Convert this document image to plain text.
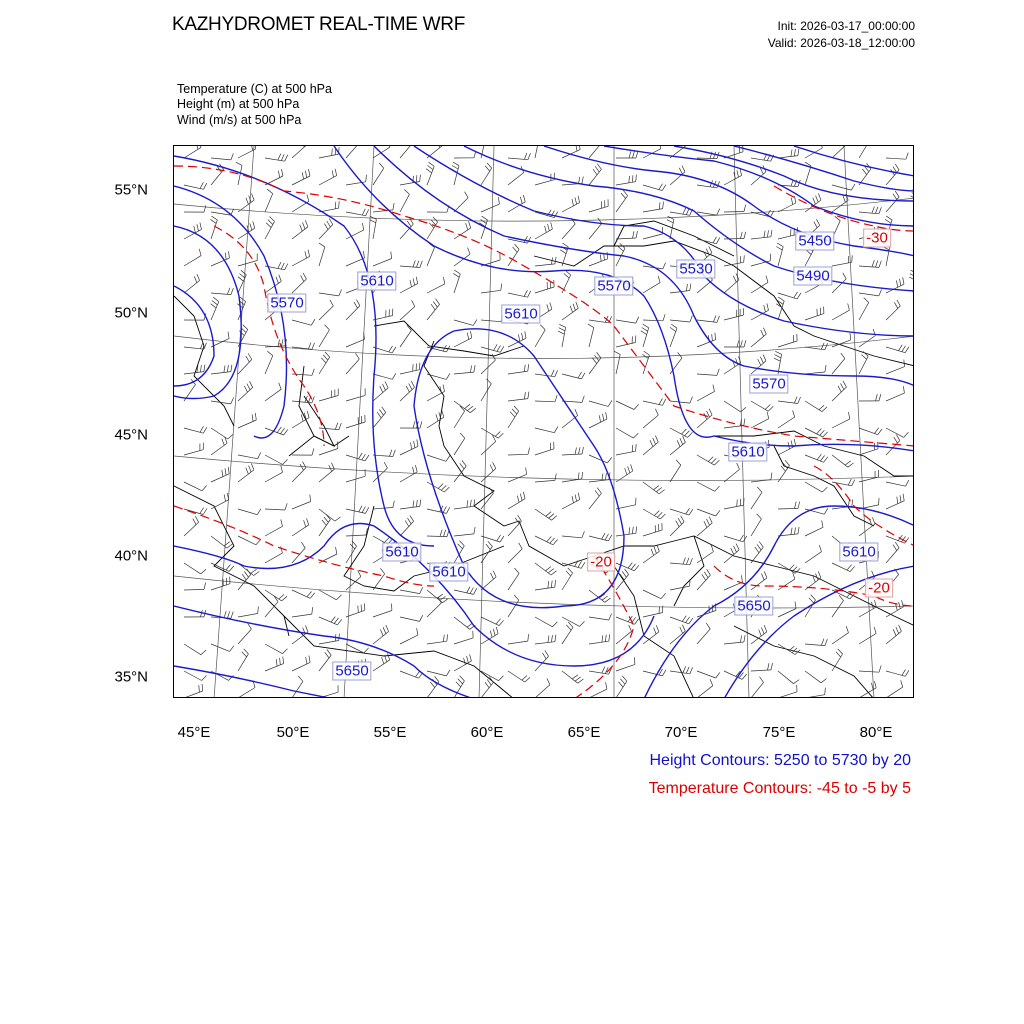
KAZHYDROMET REAL-TIME WRF	Init: 2026-03-17_00:00:00
Valid: 2026-03-18_12:00:00
Temperature (C) at 500 hPa
Height (m) at 500 hPa
Wind (m/s) at 500 hPa
5610
5570
5610
5570
5530
5450
5490
5570
5610
5610
5610
5610
5650
5650
-30
-20
-20
55°N
50°N
45°N
40°N
35°N
45°E	50°E	55°E	60°E	65°E	70°E	75°E	80°E
Height Contours: 5250 to 5730 by 20
Temperature Contours: -45 to -5 by 5
